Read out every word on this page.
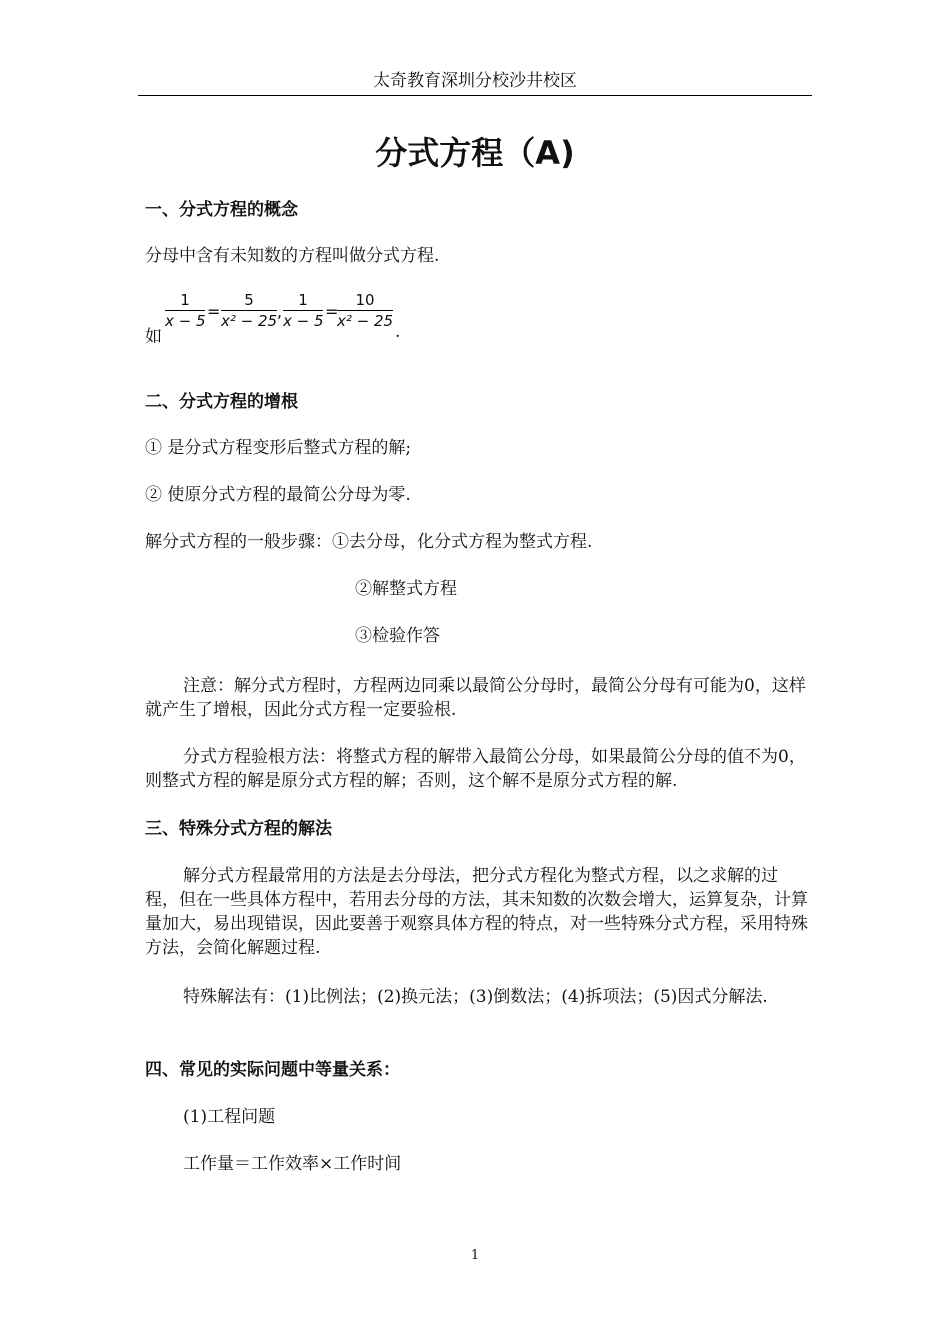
太奇教育深圳分校沙井校区
分式方程（A)

一、分式方程的概念

分母中含有未知数的方程叫做分式方程.

如
1
x − 5 =
5
x² − 25 ,
1
x − 5 =
10
x² − 25
.

二、分式方程的增根

① 是分式方程变形后整式方程的解;

② 使原分式方程的最简公分母为零.

解分式方程的一般步骤：①去分母，化分式方程为整式方程.

②解整式方程

③检验作答

注意：解分式方程时，方程两边同乘以最简公分母时，最简公分母有可能为0，这样就产生了增根，因此分式方程一定要验根.

分式方程验根方法：将整式方程的解带入最简公分母，如果最简公分母的值不为0，则整式方程的解是原分式方程的解；否则，这个解不是原分式方程的解.

三、特殊分式方程的解法

解分式方程最常用的方法是去分母法，把分式方程化为整式方程，以之求解的过程，但在一些具体方程中，若用去分母的方法，其未知数的次数会增大，运算复杂，计算量加大，易出现错误，因此要善于观察具体方程的特点，对一些特殊分式方程，采用特殊方法，会简化解题过程.

特殊解法有：(1)比例法；(2)换元法；(3)倒数法；(4)拆项法；(5)因式分解法.

四、常见的实际问题中等量关系：

(1)工程问题

工作量＝工作效率×工作时间

1
